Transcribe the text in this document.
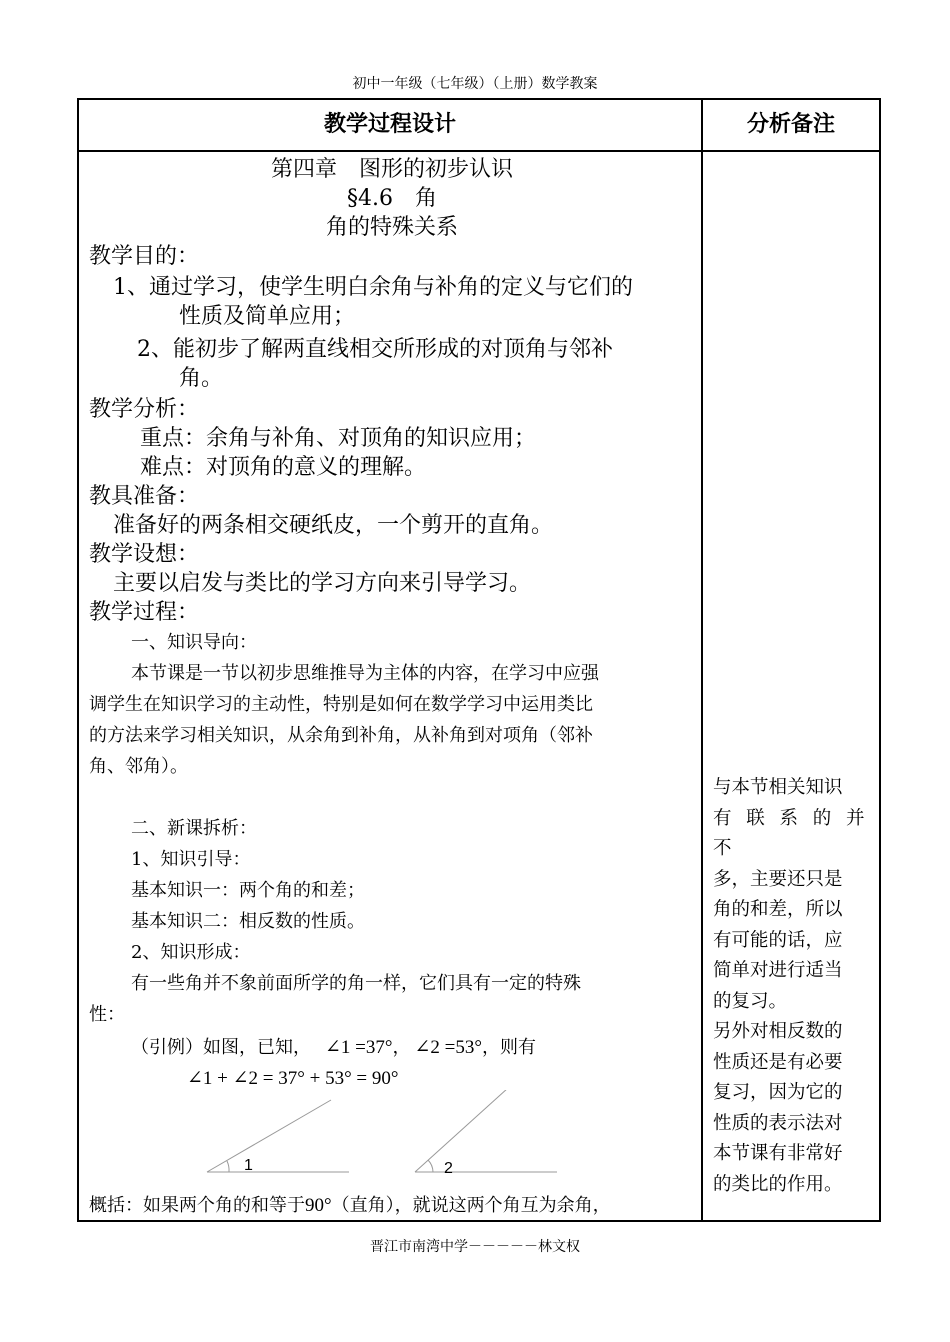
初中一年级（七年级）（上册）数学教案
教学过程设计	分析备注
第四章　图形的初步认识
§4.6　角
角的特殊关系
教学目的：
1、通过学习，使学生明白余角与补角的定义与它们的
性质及简单应用；
2、能初步了解两直线相交所形成的对顶角与邻补
角。
教学分析：
重点：余角与补角、对顶角的知识应用；
难点：对顶角的意义的理解。
教具准备：
准备好的两条相交硬纸皮，一个剪开的直角。
教学设想：
主要以启发与类比的学习方向来引导学习。
教学过程：
一、知识导向：
本节课是一节以初步思维推导为主体的内容，在学习中应强
调学生在知识学习的主动性，特别是如何在数学学习中运用类比
的方法来学习相关知识，从余角到补角，从补角到对项角（邻补
角、邻角）。
二、新课拆析：
1、知识引导：
基本知识一：两个角的和差；
基本知识二：相反数的性质。
2、知识形成：
有一些角并不象前面所学的角一样，它们具有一定的特殊
性：
（引例）如图，已知， ∠1 =37°， ∠2 =53°，则有
∠1 + ∠2 = 37° + 53° = 90°
与本节相关知识
有联系的并不
多，主要还只是
角的和差，所以
有可能的话，应
简单对进行适当
的复习。
另外对相反数的
性质还是有必要
复习，因为它的
性质的表示法对
本节课有非常好
的类比的作用。
1	2
概括：如果两个角的和等于90°（直角），就说这两个角互为余角，
晋江市南湾中学－－－－－林文权
